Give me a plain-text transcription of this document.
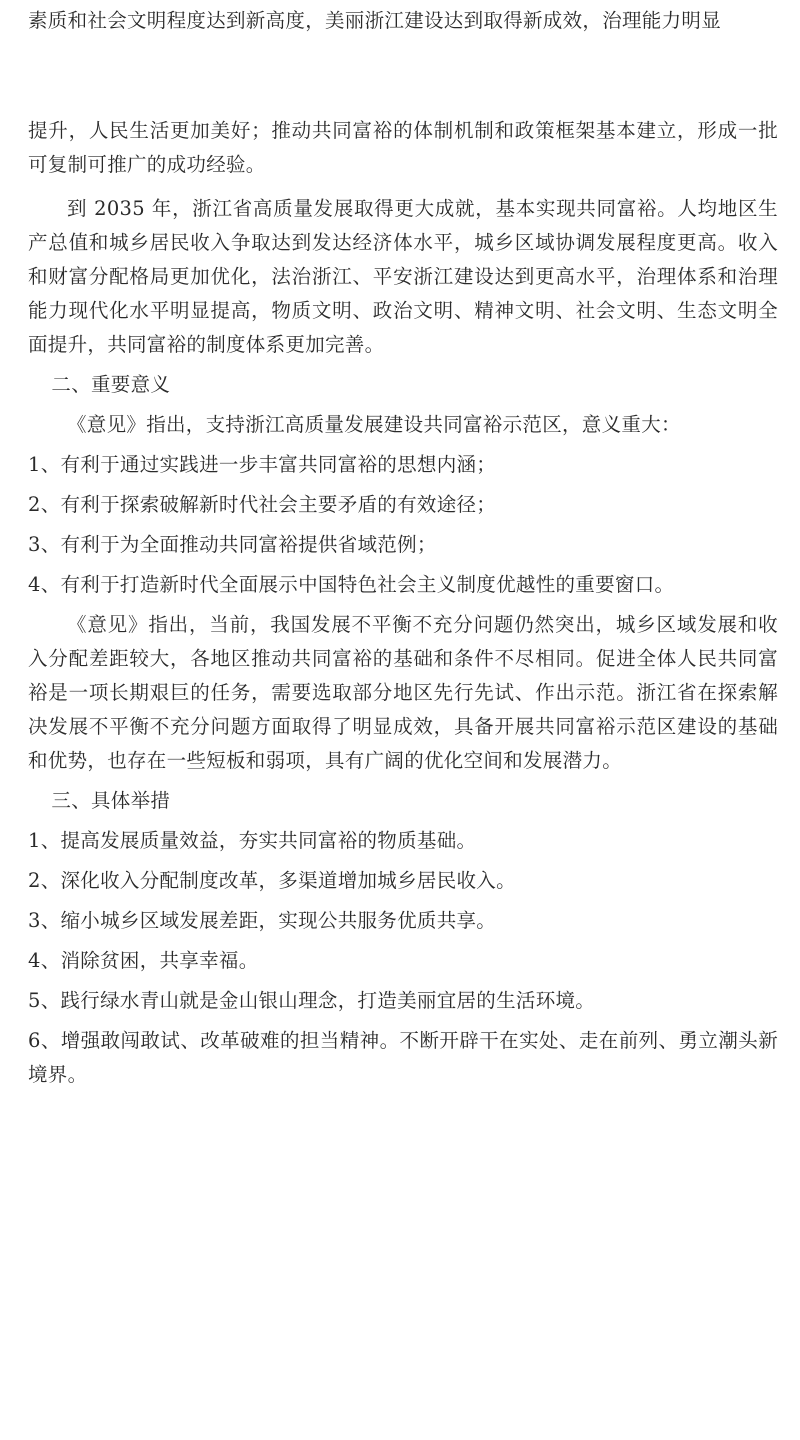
素质和社会文明程度达到新高度，美丽浙江建设达到取得新成效，治理能力明显

提升，人民生活更加美好；推动共同富裕的体制机制和政策框架基本建立，形成一批可复制可推广的成功经验。

到 2035 年，浙江省高质量发展取得更大成就，基本实现共同富裕。人均地区生产总值和城乡居民收入争取达到发达经济体水平，城乡区域协调发展程度更高。收入和财富分配格局更加优化，法治浙江、平安浙江建设达到更高水平，治理体系和治理能力现代化水平明显提高，物质文明、政治文明、精神文明、社会文明、生态文明全面提升，共同富裕的制度体系更加完善。

二、重要意义

《意见》指出，支持浙江高质量发展建设共同富裕示范区，意义重大：

1、有利于通过实践进一步丰富共同富裕的思想内涵；

2、有利于探索破解新时代社会主要矛盾的有效途径；

3、有利于为全面推动共同富裕提供省域范例；

4、有利于打造新时代全面展示中国特色社会主义制度优越性的重要窗口。

《意见》指出，当前，我国发展不平衡不充分问题仍然突出，城乡区域发展和收入分配差距较大，各地区推动共同富裕的基础和条件不尽相同。促进全体人民共同富裕是一项长期艰巨的任务，需要选取部分地区先行先试、作出示范。浙江省在探索解决发展不平衡不充分问题方面取得了明显成效，具备开展共同富裕示范区建设的基础和优势，也存在一些短板和弱项，具有广阔的优化空间和发展潜力。

三、具体举措

1、提高发展质量效益，夯实共同富裕的物质基础。

2、深化收入分配制度改革，多渠道增加城乡居民收入。

3、缩小城乡区域发展差距，实现公共服务优质共享。

4、消除贫困，共享幸福。

5、践行绿水青山就是金山银山理念，打造美丽宜居的生活环境。

6、增强敢闯敢试、改革破难的担当精神。不断开辟干在实处、走在前列、勇立潮头新境界。
